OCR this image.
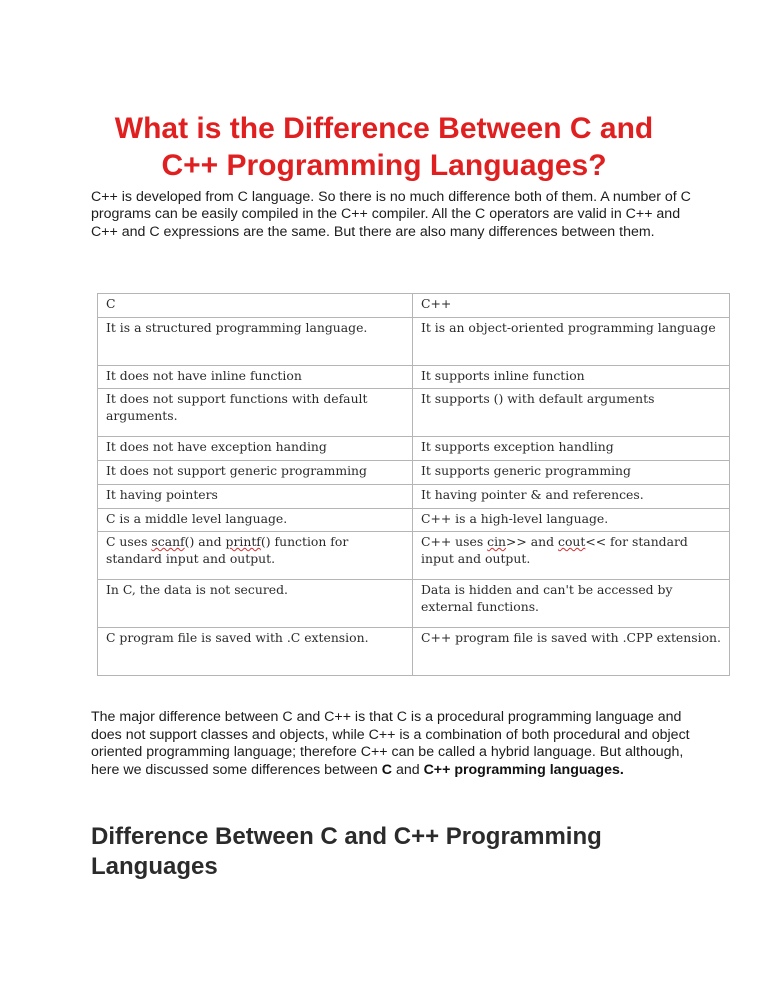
What is the Difference Between C and
C++ Programming Languages?

C++ is developed from C language. So there is no much difference both of them. A number of C programs can be easily compiled in the C++ compiler. All the C operators are valid in C++ and C++ and C expressions are the same. But there are also many differences between them.

C	C++
It is a structured programming language.	It is an object-oriented programming language
It does not have inline function	It supports inline function
It does not support functions with default arguments.	It supports () with default arguments
It does not have exception handing	It supports exception handling
It does not support generic programming	It supports generic programming
It having pointers	It having pointer & and references.
C is a middle level language.	C++ is a high-level language.
C uses scanf() and printf() function for standard input and output.	C++ uses cin>> and cout<< for standard input and output.
In C, the data is not secured.	Data is hidden and can't be accessed by external functions.
C program file is saved with .C extension.	C++ program file is saved with .CPP extension.

The major difference between C and C++ is that C is a procedural programming language and does not support classes and objects, while C++ is a combination of both procedural and object oriented programming language; therefore C++ can be called a hybrid language. But although, here we discussed some differences between C and C++ programming languages.

Difference Between C and C++ Programming Languages
